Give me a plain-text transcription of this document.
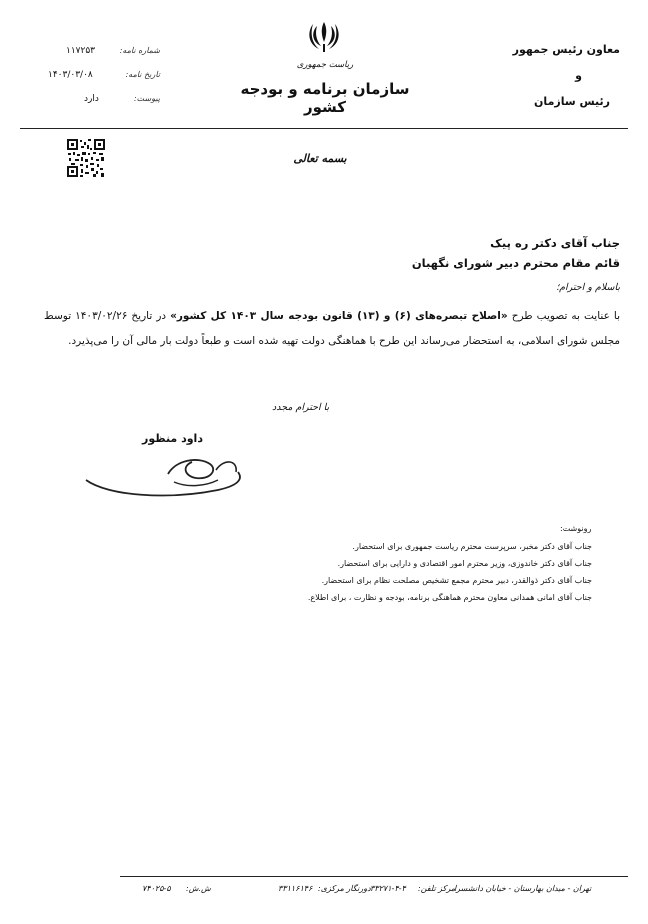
معاون رئیس جمهور
و
رئیس سازمان
ریاست جمهوری
سازمان برنامه و بودجه کشور
شماره نامه:
۱۱۷۲۵۳
تاریخ نامه:
۱۴۰۳/۰۳/۰۸
پیوست:
دارد
بسمه تعالی
جناب آقای دکتر ره پیک
قائم مقام محترم دبیر شورای نگهبان
باسلام و احترام؛
با عنایت به تصویب طرح «اصلاح تبصره‌های (۶) و (۱۳) قانون بودجه سال ۱۴۰۳ کل کشور» در تاریخ ۱۴۰۳/۰۲/۲۶ توسط مجلس شورای اسلامی، به استحضار می‌رساند این طرح با هماهنگی دولت تهیه شده است و طبعاً دولت بار مالی آن را می‌پذیرد.
با احترام مجدد
داود منظور
رونوشت:
جناب آقای دکتر مخبر، سرپرست محترم ریاست جمهوری برای استحضار.
جناب آقای دکتر خاندوزی، وزیر محترم امور اقتصادی و دارایی برای استحضار.
جناب آقای دکتر ذوالقدر، دبیر محترم مجمع تشخیص مصلحت نظام برای استحضار.
جناب آقای امانی همدانی معاون محترم هماهنگی برنامه، بودجه و نظارت ، برای اطلاع.
تهران - میدان بهارستان - خیابان دانشسرا
مرکز تلفن:
۳۳۲۷۱-۴-۴
دورنگار مرکزی:
۳۳۱۱۶۱۴۶
ش.ش:
۷۴۰۲۵-۵
